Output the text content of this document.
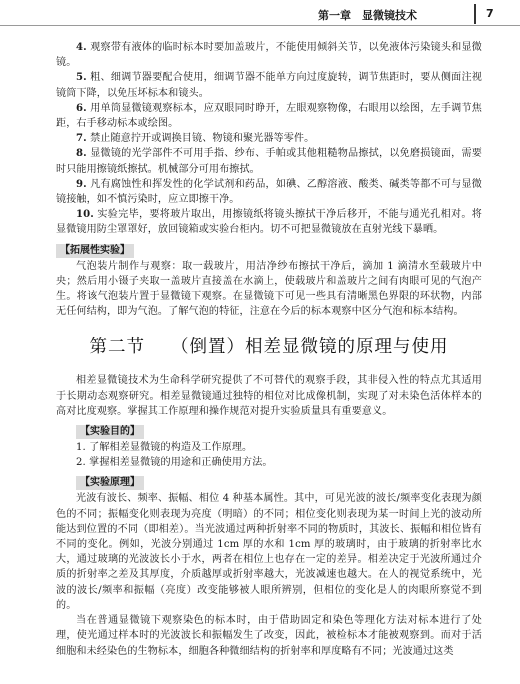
第一章　显微镜技术	7

4. 观察带有液体的临时标本时要加盖玻片，不能使用倾斜关节，以免液体污染镜头和显微镜。

5. 粗、细调节器要配合使用，细调节器不能单方向过度旋转，调节焦距时，要从侧面注视镜筒下降，以免压坏标本和镜头。

6. 用单筒显微镜观察标本，应双眼同时睁开，左眼观察物像，右眼用以绘图，左手调节焦距，右手移动标本或绘图。

7. 禁止随意拧开或调换目镜、物镜和聚光器等零件。

8. 显微镜的光学部件不可用手指、纱布、手帕或其他粗糙物品擦拭，以免磨损镜面，需要时只能用擦镜纸擦拭。机械部分可用布擦拭。

9. 凡有腐蚀性和挥发性的化学试剂和药品，如碘、乙醇溶液、酸类、碱类等都不可与显微镜接触，如不慎污染时，应立即擦干净。

10. 实验完毕，要将玻片取出，用擦镜纸将镜头擦拭干净后移开，不能与通光孔相对。将显微镜用防尘罩罩好，放回镜箱或实验台柜内。切不可把显微镜放在直射光线下暴晒。

【拓展性实验】

气泡装片制作与观察：取一载玻片，用洁净纱布擦拭干净后，滴加 1 滴清水至载玻片中央；然后用小镊子夹取一盖玻片直接盖在水滴上，使载玻片和盖玻片之间有肉眼可见的气泡产生。将该气泡装片置于显微镜下观察。在显微镜下可见一些具有清晰黑色界限的环状物，内部无任何结构，即为气泡。了解气泡的特征，注意在今后的标本观察中区分气泡和标本结构。

第二节 （倒置）相差显微镜的原理与使用

相差显微镜技术为生命科学研究提供了不可替代的观察手段，其非侵入性的特点尤其适用于长期动态观察研究。相差显微镜通过独特的相位对比成像机制，实现了对未染色活体样本的高对比度观察。掌握其工作原理和操作规范对提升实验质量具有重要意义。

【实验目的】

1. 了解相差显微镜的构造及工作原理。

2. 掌握相差显微镜的用途和正确使用方法。

【实验原理】

光波有波长、频率、振幅、相位 4 种基本属性。其中，可见光波的波长/频率变化表现为颜色的不同；振幅变化则表现为亮度（明暗）的不同；相位变化则表现为某一时间上光的波动所能达到位置的不同（即相差）。当光波通过两种折射率不同的物质时，其波长、振幅和相位皆有不同的变化。例如，光波分别通过 1cm 厚的水和 1cm 厚的玻璃时，由于玻璃的折射率比水大，通过玻璃的光波波长小于水，两者在相位上也存在一定的差异。相差决定于光波所通过介质的折射率之差及其厚度，介质越厚或折射率越大，光波减速也越大。在人的视觉系统中，光波的波长/频率和振幅（亮度）改变能够被人眼所辨别，但相位的变化是人的肉眼所察觉不到的。

当在普通显微镜下观察染色的标本时，由于借助固定和染色等理化方法对标本进行了处理，使光通过样本时的光波波长和振幅发生了改变，因此，被检标本才能被观察到。而对于活细胞和未经染色的生物标本，细胞各种微细结构的折射率和厚度略有不同；光波通过这类
